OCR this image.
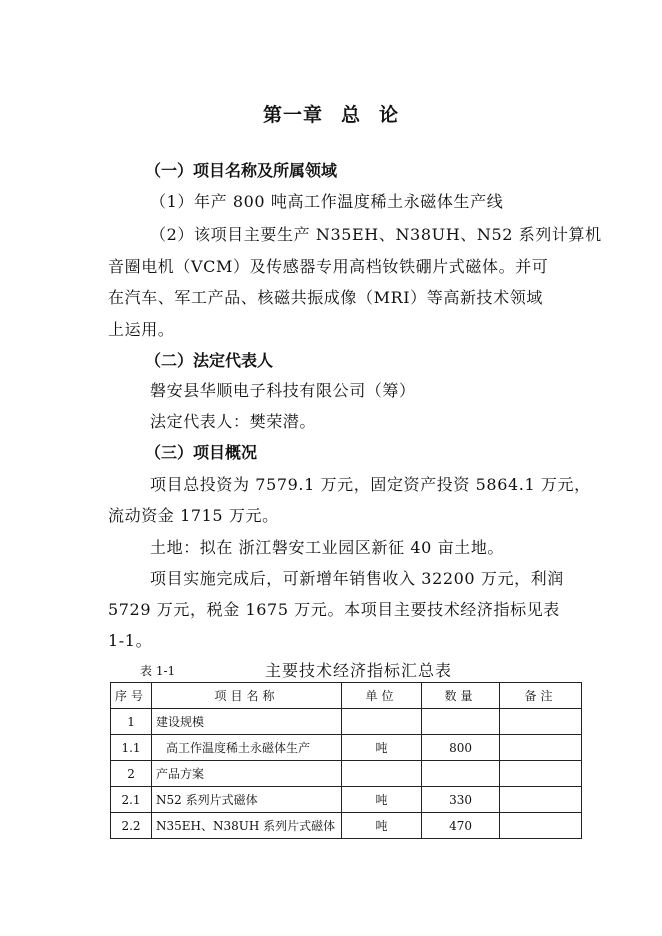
第一章 总 论
（一）项目名称及所属领域
（1）年产 800 吨高工作温度稀土永磁体生产线
（2）该项目主要生产 N35EH、N38UH、N52 系列计算机
音圈电机（VCM）及传感器专用高档钕铁硼片式磁体。并可
在汽车、军工产品、核磁共振成像（MRI）等高新技术领域
上运用。
（二）法定代表人
磐安县华顺电子科技有限公司（筹）
法定代表人：樊荣潜。
（三）项目概况
项目总投资为 7579.1 万元，固定资产投资 5864.1 万元，
流动资金 1715 万元。
土地：拟在 浙江磐安工业园区新征 40 亩土地。
项目实施完成后，可新增年销售收入 32200 万元，利润
5729 万元，税金 1675 万元。本项目主要技术经济指标见表
1-1。
表 1-1	主要技术经济指标汇总表
序号	项目名称	单位	数量	备注
1	建设规模			
1.1	高工作温度稀土永磁体生产	吨	800	
2	产品方案			
2.1	N52 系列片式磁体	吨	330	
2.2	N35EH、N38UH 系列片式磁体	吨	470	
